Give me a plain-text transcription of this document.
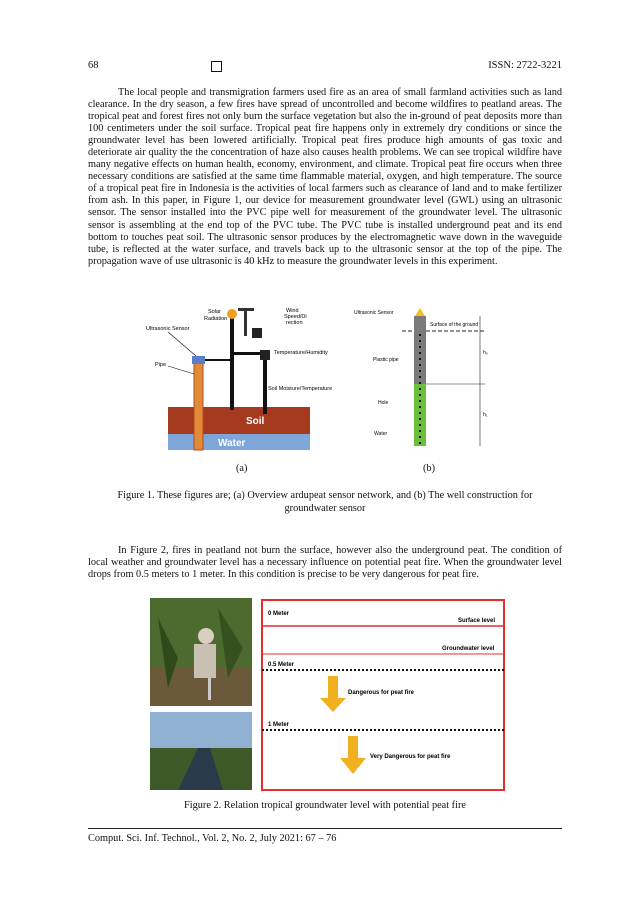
68	ISSN: 2722-3221

The local people and transmigration farmers used fire as an area of small farmland activities such as land clearance. In the dry season, a few fires have spread of uncontrolled and become wildfires to peatland areas. The tropical peat and forest fires not only burn the surface vegetation but also the in-ground of peat deposits more than 100 centimeters under the soil surface. Tropical peat fire happens only in extremely dry conditions or since the groundwater level has been lowered artificially. Tropical peat fires produce high amounts of gas toxic and deteriorate air quality the the concentration of haze also causes health problems. We can see tropical wildfire have many negative effects on human health, economy, environment, and climate. Tropical peat fire occurs when three necessary conditions are satisfied at the same time flammable material, oxygen, and high temperature. The source of a tropical peat fire in Indonesia is the activities of local farmers such as clearance of land and to make fertilizer from ash. In this paper, in Figure 1, our device for measurement groundwater level (GWL) using an ultrasonic sensor. The sensor installed into the PVC pipe well for measurement of the groundwater level. The ultrasonic sensor is assembling at the end top of the PVC tube. The PVC tube is installed underground peat and its end bottom to touches peat soil. The ultrasonic sensor produces by the electromagnetic wave down in the waveguide tube, is reflected at the water surface, and travels back up to the ultrasonic sensor at the top of the pipe. The propagation wave of use ultrasonic is 40 kHz to measure the groundwater levels in this experiment.

Soil
Water
Solar
Radiation
Ultrasonic Sensor
Pipe
Wind
Speed/Di
rection
Temperature/Humidity
Soil Moisture/Temperature
Ultrasonic Sensor
Surface of the ground
Plastic pipe
Hole
Water
h₀
h₁
(a)	(b)

Figure 1. These figures are; (a) Overview ardupeat sensor network, and (b) The well construction for groundwater sensor

In Figure 2, fires in peatland not burn the surface, however also the underground peat. The condition of local weather and groundwater level has a necessary influence on potential peat fire. When the groundwater level drops from 0.5 meters to 1 meter. In this condition is precise to be very dangerous for peat fire.

0 Meter
Surface level
Groundwater level
0.5 Meter
Dangerous for peat fire
1 Meter
Very Dangerous for peat fire

Figure 2. Relation tropical groundwater level with potential peat fire

Comput. Sci. Inf. Technol., Vol. 2, No. 2, July 2021: 67 – 76
